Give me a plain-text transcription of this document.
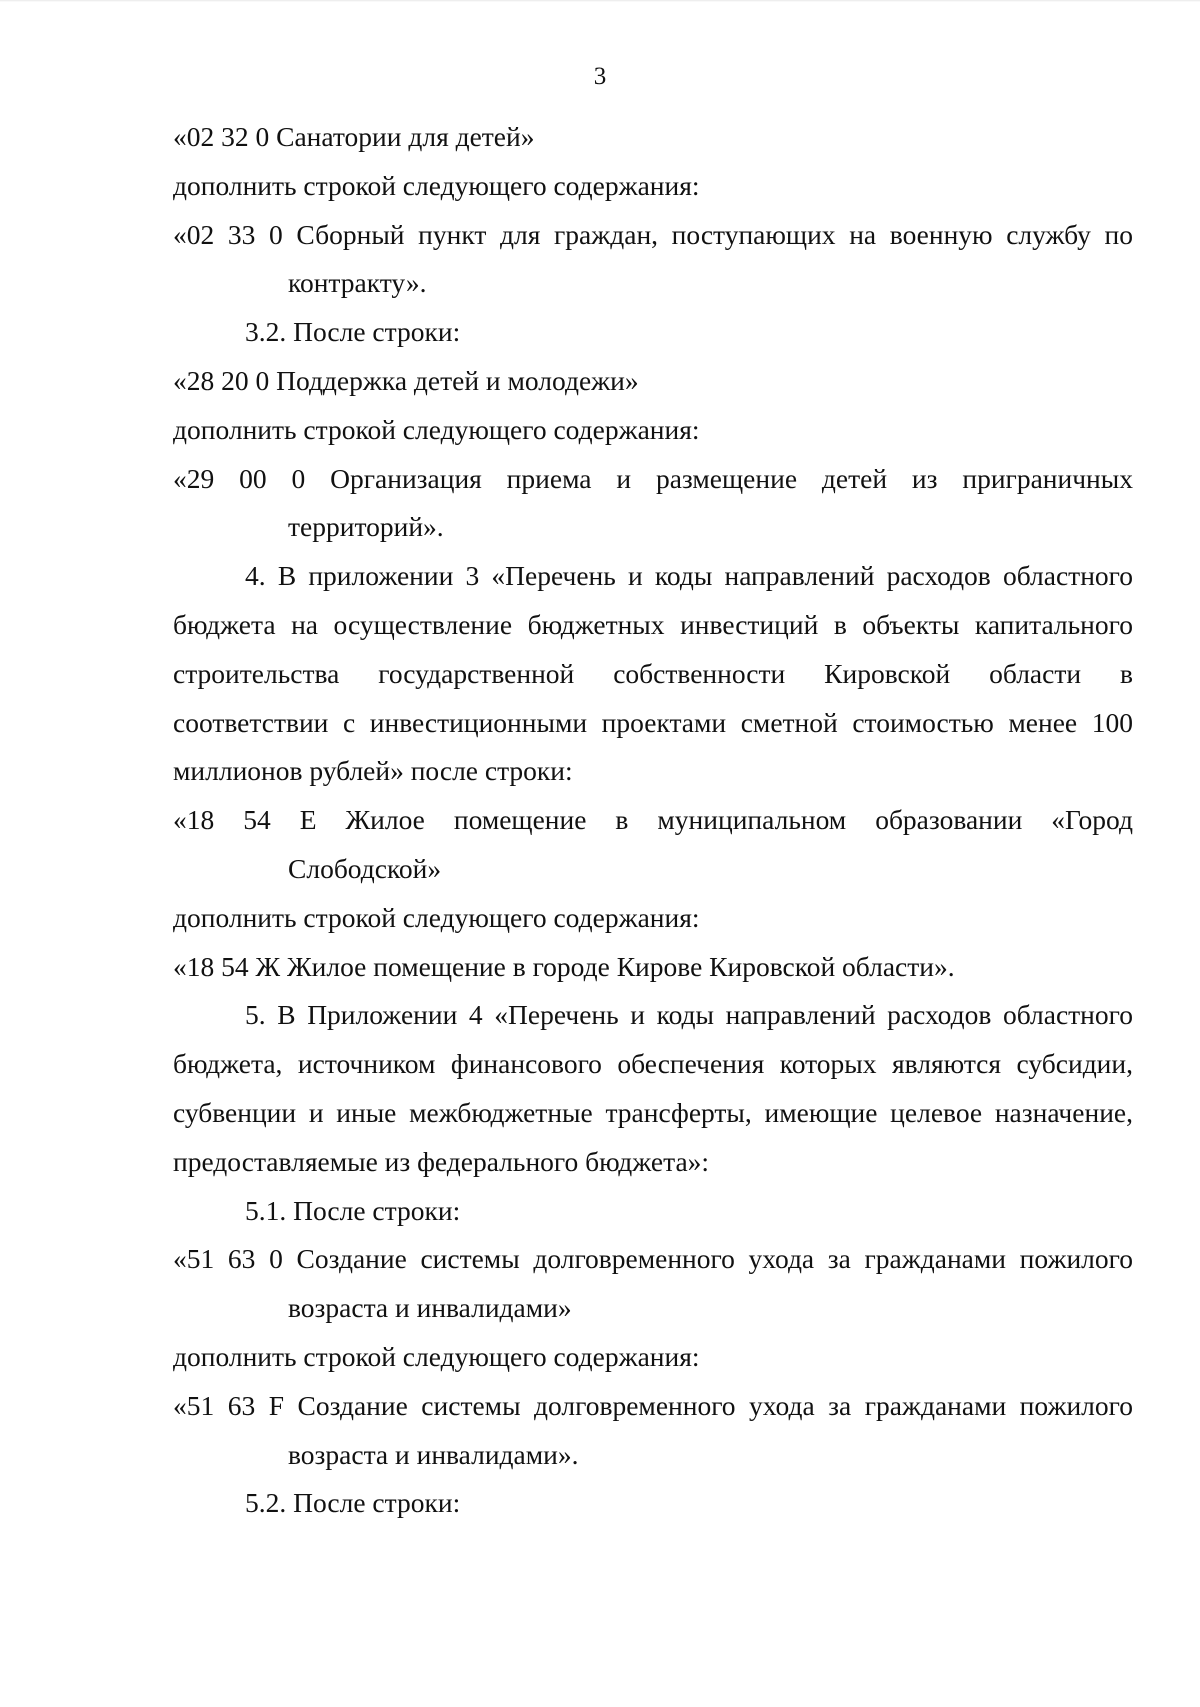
3

«02 32 0 Санатории для детей»

дополнить строкой следующего содержания:

«02 33 0 Сборный пункт для граждан, поступающих на военную службу по

контракту».

3.2. После строки:

«28 20 0 Поддержка детей и молодежи»

дополнить строкой следующего содержания:

«29 00 0 Организация приема и размещение детей из приграничных

территорий».

4. В приложении 3 «Перечень и коды направлений расходов областного

бюджета на осуществление бюджетных инвестиций в объекты капитального

строительства государственной собственности Кировской области в

соответствии с инвестиционными проектами сметной стоимостью менее 100

миллионов рублей» после строки:

«18 54 Е Жилое помещение в муниципальном образовании «Город

Слободской»

дополнить строкой следующего содержания:

«18 54 Ж Жилое помещение в городе Кирове Кировской области».

5. В Приложении 4 «Перечень и коды направлений расходов областного

бюджета, источником финансового обеспечения которых являются субсидии,

субвенции и иные межбюджетные трансферты, имеющие целевое назначение,

предоставляемые из федерального бюджета»:

5.1. После строки:

«51 63 0 Создание системы долговременного ухода за гражданами пожилого

возраста и инвалидами»

дополнить строкой следующего содержания:

«51 63 F Создание системы долговременного ухода за гражданами пожилого

возраста и инвалидами».

5.2. После строки:
